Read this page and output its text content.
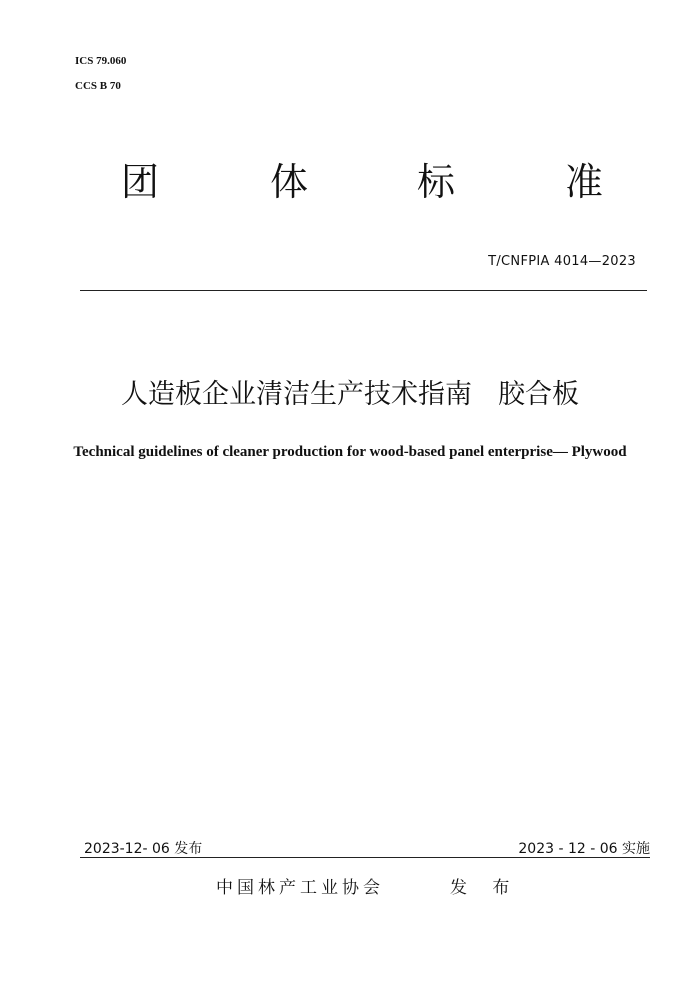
ICS 79.060
CCS B 70
团	体	标	准
T/CNFPIA 4014—2023
人造板企业清洁生产技术指南 胶合板
Technical guidelines of cleaner production for wood-based panel enterprise— Plywood
2023-12- 06 发布	2023 - 12 - 06 实施
中国林产工业协会	发 布
